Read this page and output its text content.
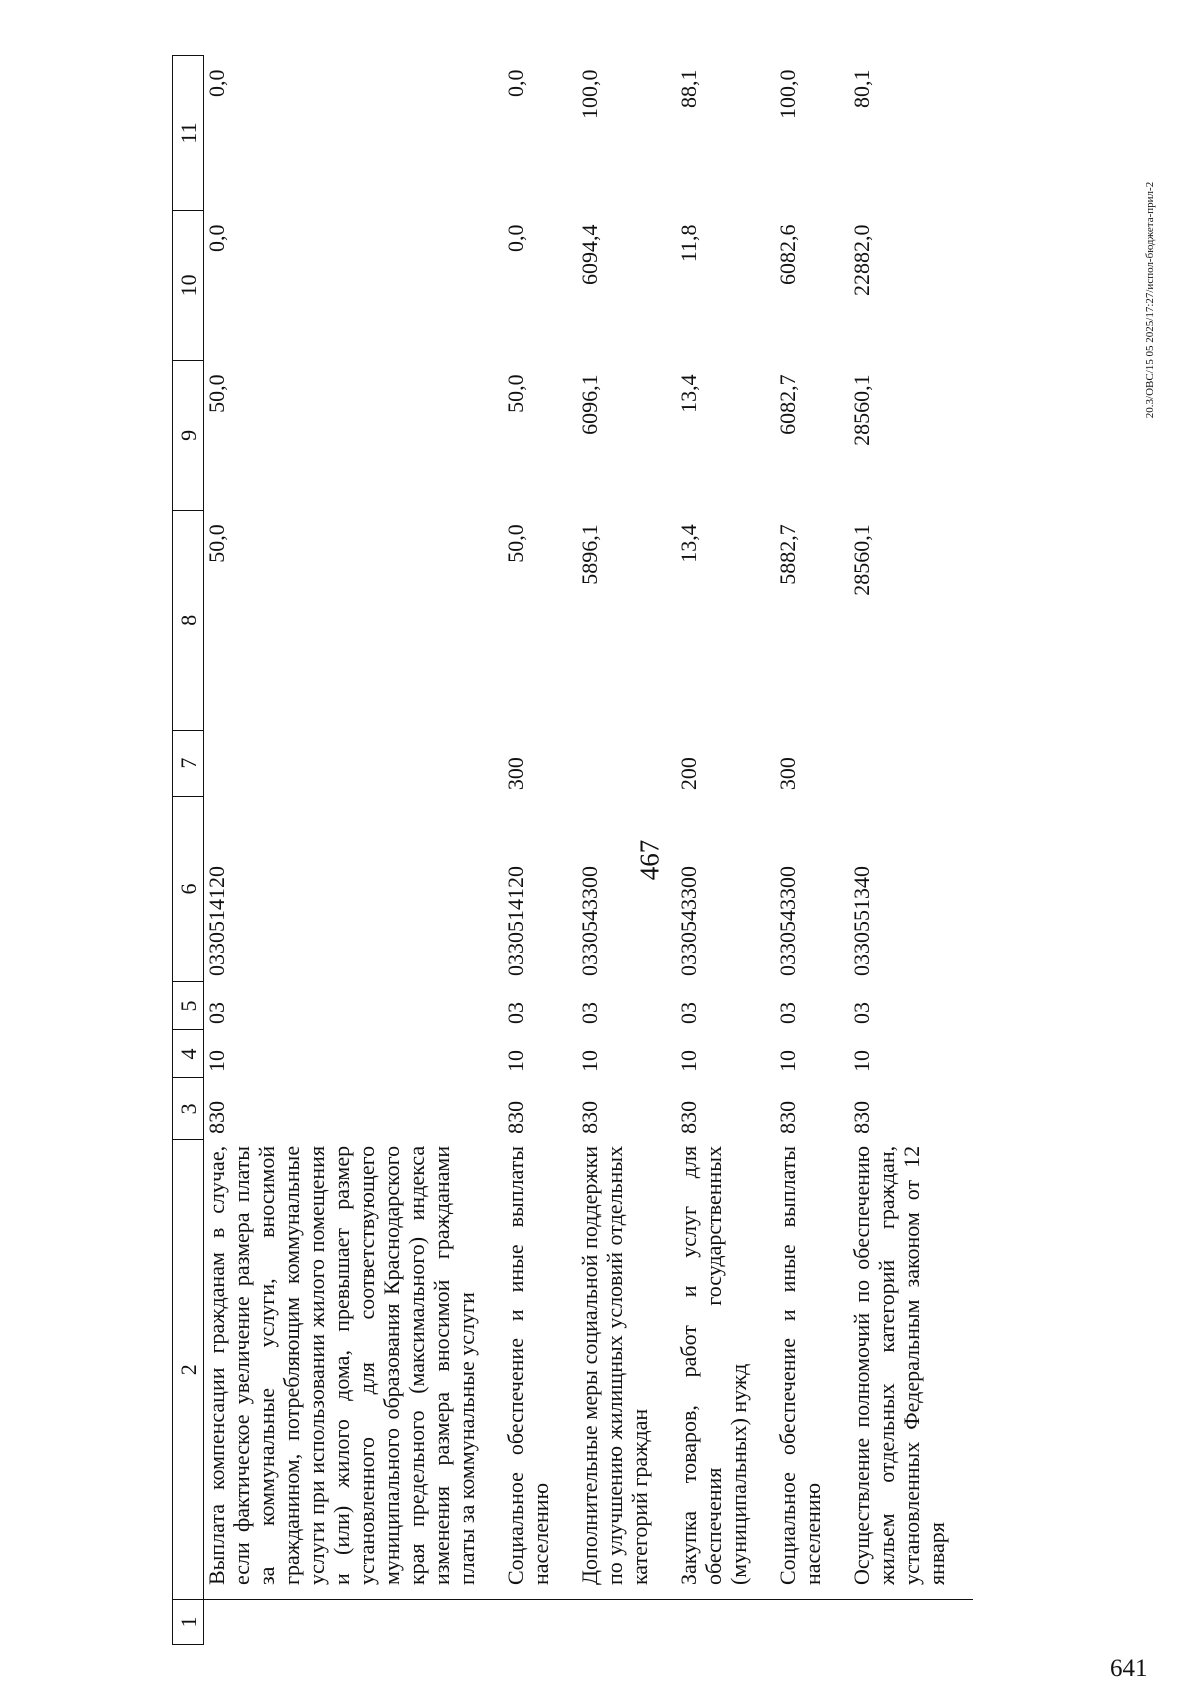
467
1	2	3	4	5	6	7	8	9	10	11
	Выплата компенсации гражданам в случае, если фактическое увеличение размера платы за коммунальные услуги, вносимой гражданином, потребляющим коммунальные услуги при использовании жилого помещения и (или) жилого дома, превышает размер установленного для соответствующего муниципального образования Краснодарского края предельного (максимального) индекса изменения размера вносимой гражданами платы за коммунальные услуги	830	10	03	0330514120		50,0	50,0	0,0	0,0
	Социальное обеспечение и иные выплаты населению	830	10	03	0330514120	300	50,0	50,0	0,0	0,0
	Дополнительные меры социальной поддержки по улучшению жилищных условий отдельных категорий граждан	830	10	03	0330543300		5896,1	6096,1	6094,4	100,0
	Закупка товаров, работ и услуг для обеспечения государственных (муниципальных) нужд	830	10	03	0330543300	200	13,4	13,4	11,8	88,1
	Социальное обеспечение и иные выплаты населению	830	10	03	0330543300	300	5882,7	6082,7	6082,6	100,0
	Осуществление полномочий по обеспечению жильем отдельных категорий граждан, установленных Федеральным законом от 12 января	830	10	03	0330551340		28560,1	28560,1	22882,0	80,1
20.3/ОВС/15 05 2025/17:27/испол-бюджета-прил-2
641
